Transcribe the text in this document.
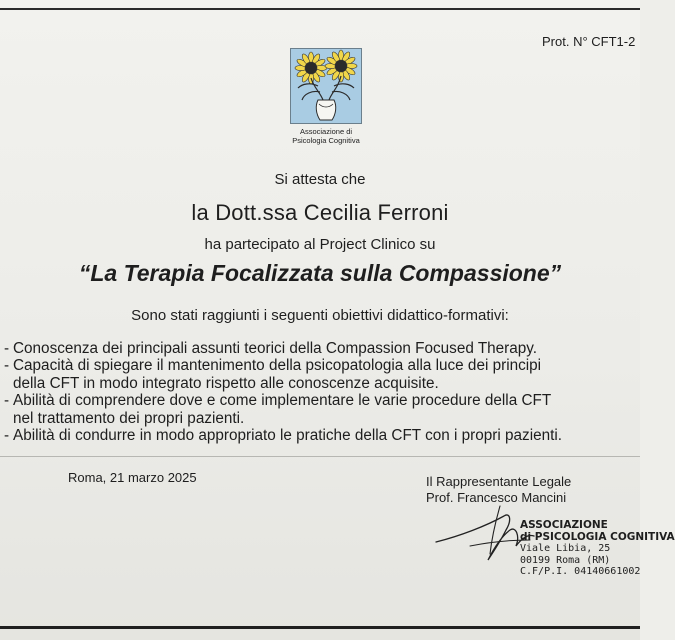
Prot. N° CFT1-2
Associazione di
Psicologia Cognitiva
Si attesta che
la Dott.ssa Cecilia Ferroni
ha partecipato al Project Clinico su
“La Terapia Focalizzata sulla Compassione”
Sono stati raggiunti i seguenti obiettivi didattico-formativi:
- Conoscenza dei principali assunti teorici della Compassion Focused Therapy.
- Capacità di spiegare il mantenimento della psicopatologia alla luce dei principi
della CFT in modo integrato rispetto alle conoscenze acquisite.
- Abilità di comprendere dove e come implementare le varie procedure della CFT
nel trattamento dei propri pazienti.
- Abilità di condurre in modo appropriato le pratiche della CFT con i propri pazienti.
Roma, 21 marzo 2025	Il Rappresentante Legale
Prof. Francesco Mancini
ASSOCIAZIONE
di PSICOLOGIA COGNITIVA
Viale Libia, 25
00199 Roma (RM)
C.F/P.I. 04140661002
